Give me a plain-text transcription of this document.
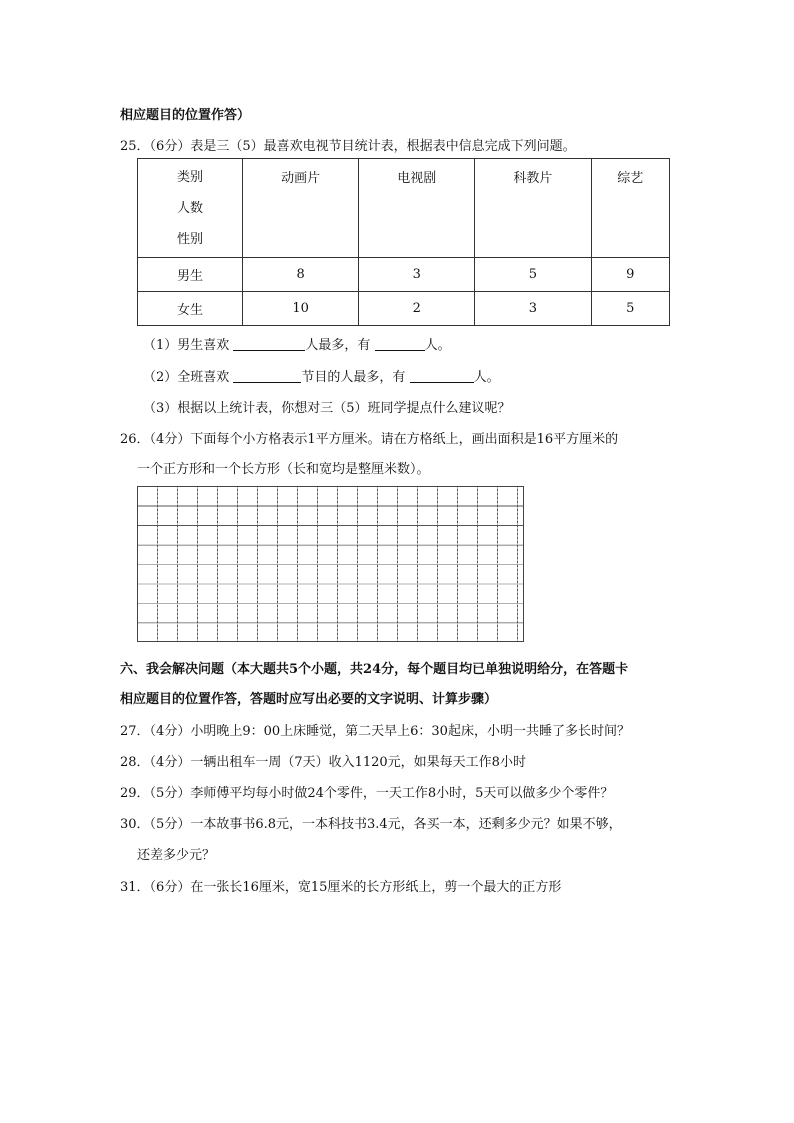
相应题目的位置作答）
25．（6分）表是三（5）最喜欢电视节目统计表，根据表中信息完成下列问题。
类别
人数
性别	动画片	电视剧	科教片	综艺
男生	8	3	5	9
女生	10	2	3	5
（1）男生喜欢	人最多，有	人。
（2）全班喜欢	节目的人最多，有	人。
（3）根据以上统计表，你想对三（5）班同学提点什么建议呢？
26．（4分）下面每个小方格表示1平方厘米。请在方格纸上，画出面积是16平方厘米的
一个正方形和一个长方形（长和宽均是整厘米数）。
六、我会解决问题（本大题共5个小题，共24分，每个题目均已单独说明给分，在答题卡
相应题目的位置作答，答题时应写出必要的文字说明、计算步骤）
27．（4分）小明晚上9：00上床睡觉，第二天早上6：30起床，小明一共睡了多长时间？
28．（4分）一辆出租车一周（7天）收入1120元，如果每天工作8小时
29．（5分）李师傅平均每小时做24个零件，一天工作8小时，5天可以做多少个零件？
30．（5分）一本故事书6.8元，一本科技书3.4元，各买一本，还剩多少元？如果不够，
还差多少元？
31．（6分）在一张长16厘米，宽15厘米的长方形纸上，剪一个最大的正方形
